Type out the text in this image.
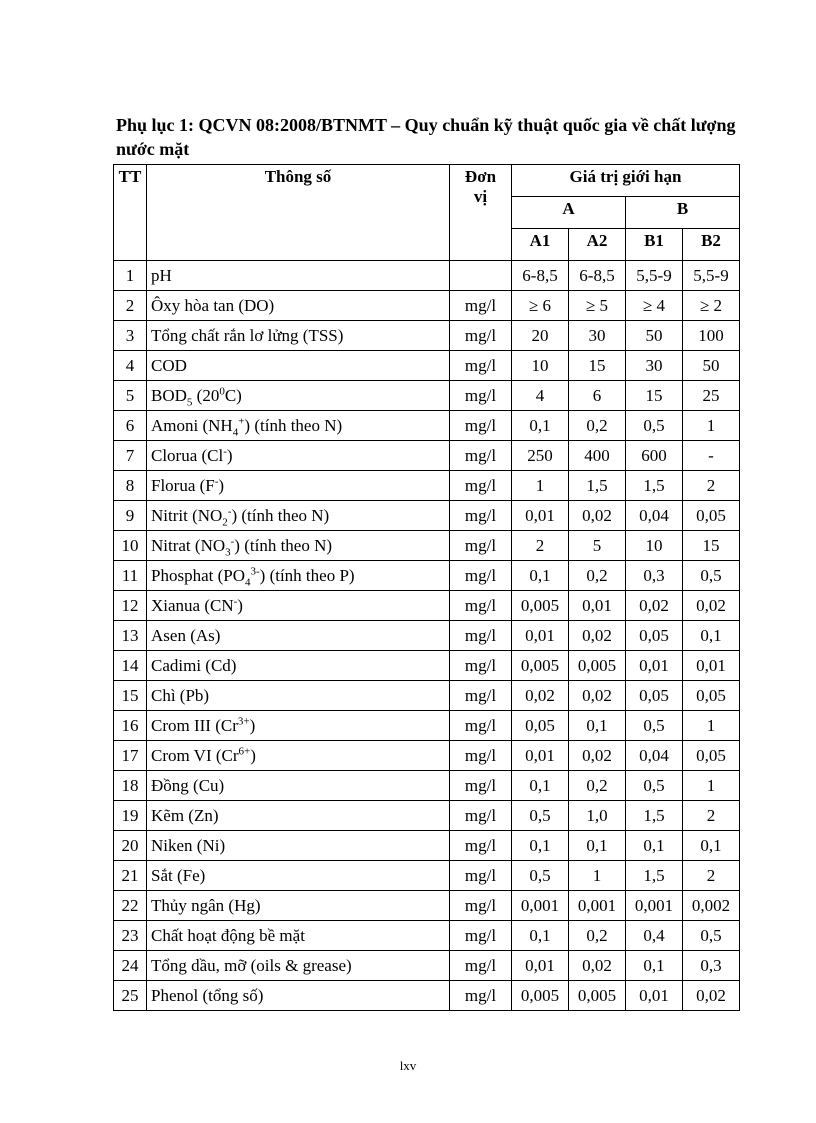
Phụ lục 1: QCVN 08:2008/BTNMT – Quy chuẩn kỹ thuật quốc gia về chất lượng nước mặt
TT	Thông số	Đơn vị	Giá trị giới hạn			
			A		B	
			A1	A2	B1	B2
1	pH		6-8,5	6-8,5	5,5-9	5,5-9
2	Ôxy hòa tan (DO)	mg/l	≥ 6	≥ 5	≥ 4	≥ 2
3	Tổng chất rắn lơ lửng (TSS)	mg/l	20	30	50	100
4	COD	mg/l	10	15	30	50
5	$BOD_5$ $(20^0C)$	mg/l	4	6	15	25
6	Amoni $(NH_4^+)$ (tính theo N)	mg/l	0,1	0,2	0,5	1
7	Clorua (Cl-)	mg/l	250	400	600	-
8	Florua (F-)	mg/l	1	1,5	1,5	2
9	Nitrit $(NO_2^-)$ (tính theo N)	mg/l	0,01	0,02	0,04	0,05
10	Nitrat $(NO_3^-)$ (tính theo N)	mg/l	2	5	10	15
11	Phosphat $(PO_4^{3-})$ (tính theo P)	mg/l	0,1	0,2	0,3	0,5
12	Xianua (CN-)	mg/l	0,005	0,01	0,02	0,02
13	Asen (As)	mg/l	0,01	0,02	0,05	0,1
14	Cadimi (Cd)	mg/l	0,005	0,005	0,01	0,01
15	Chì (Pb)	mg/l	0,02	0,02	0,05	0,05
16	Crom III $(Cr^{3+})$	mg/l	0,05	0,1	0,5	1
17	Crom VI $(Cr^{6+})$	mg/l	0,01	0,02	0,04	0,05
18	Đồng (Cu)	mg/l	0,1	0,2	0,5	1
19	Kẽm (Zn)	mg/l	0,5	1,0	1,5	2
20	Niken (Ni)	mg/l	0,1	0,1	0,1	0,1
21	Sắt (Fe)	mg/l	0,5	1	1,5	2
22	Thủy ngân (Hg)	mg/l	0,001	0,001	0,001	0,002
23	Chất hoạt động bề mặt	mg/l	0,1	0,2	0,4	0,5
24	Tổng dầu, mỡ (oils & grease)	mg/l	0,01	0,02	0,1	0,3
25	Phenol (tổng số)	mg/l	0,005	0,005	0,01	0,02
lxv
